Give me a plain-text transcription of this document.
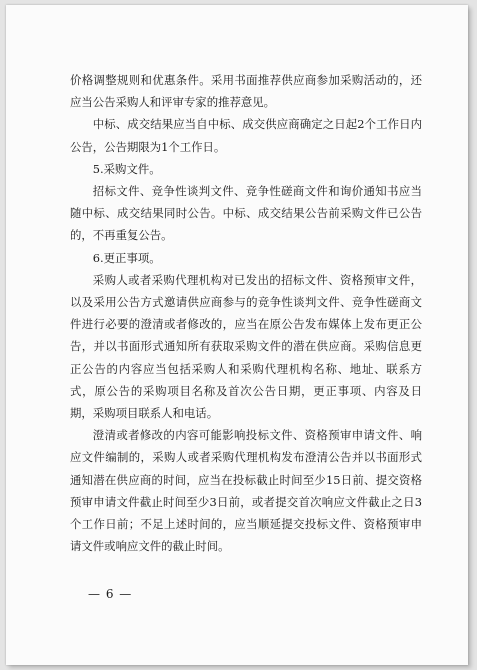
价格调整规则和优惠条件。采用书面推荐供应商参加采购活动的，还应当公告采购人和评审专家的推荐意见。

中标、成交结果应当自中标、成交供应商确定之日起2个工作日内公告，公告期限为1个工作日。

5.采购文件。

招标文件、竞争性谈判文件、竞争性磋商文件和询价通知书应当随中标、成交结果同时公告。中标、成交结果公告前采购文件已公告的，不再重复公告。

6.更正事项。

采购人或者采购代理机构对已发出的招标文件、资格预审文件，以及采用公告方式邀请供应商参与的竞争性谈判文件、竞争性磋商文件进行必要的澄清或者修改的，应当在原公告发布媒体上发布更正公告，并以书面形式通知所有获取采购文件的潜在供应商。采购信息更正公告的内容应当包括采购人和采购代理机构名称、地址、联系方式，原公告的采购项目名称及首次公告日期，更正事项、内容及日期，采购项目联系人和电话。

澄清或者修改的内容可能影响投标文件、资格预审申请文件、响应文件编制的，采购人或者采购代理机构发布澄清公告并以书面形式通知潜在供应商的时间，应当在投标截止时间至少15日前、提交资格预审申请文件截止时间至少3日前，或者提交首次响应文件截止之日3个工作日前；不足上述时间的，应当顺延提交投标文件、资格预审申请文件或响应文件的截止时间。

— 6 —
